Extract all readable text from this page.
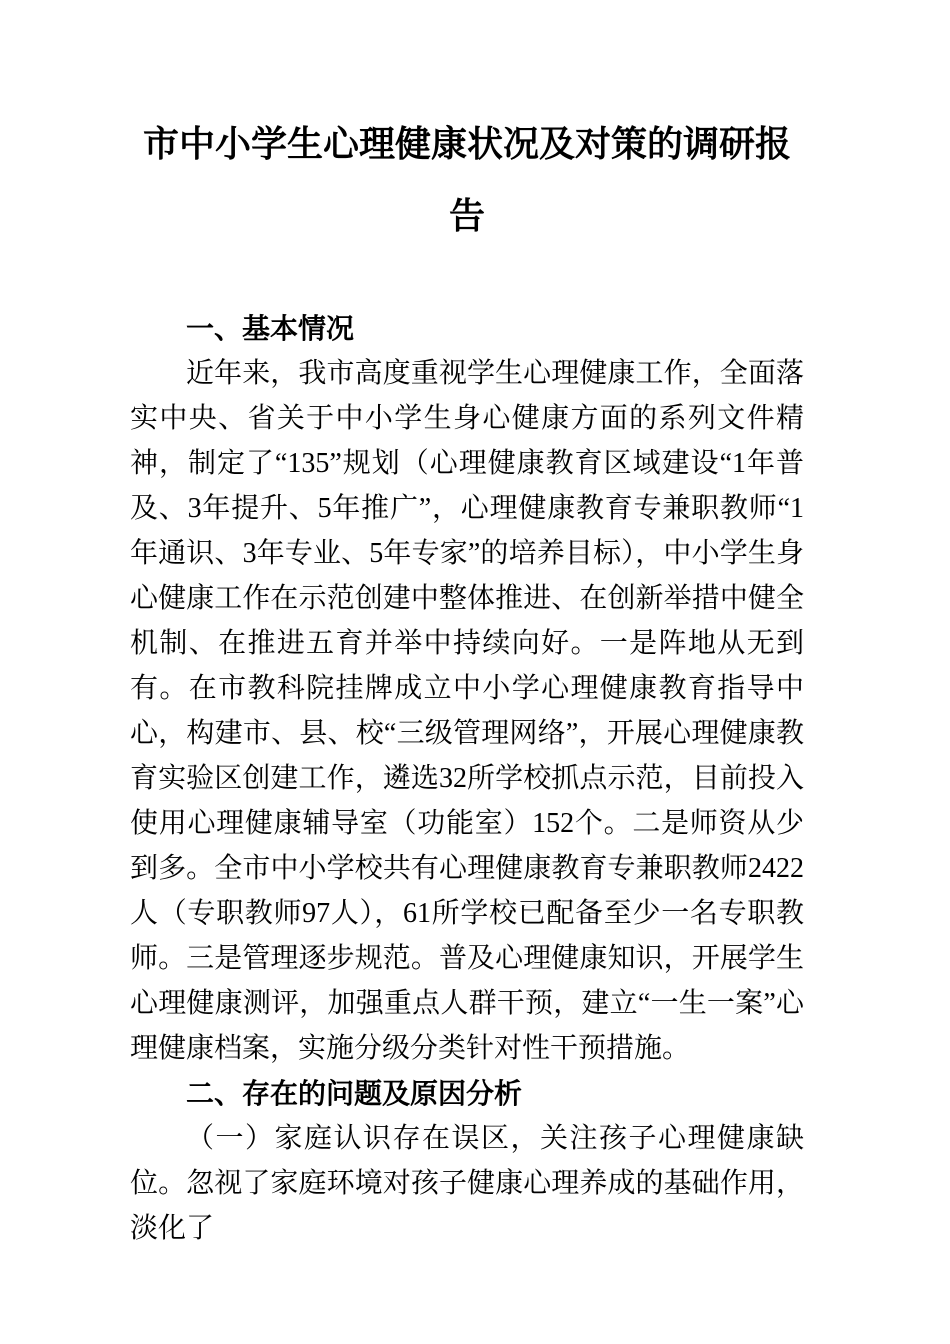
市中小学生心理健康状况及对策的调研报告
一、基本情况

近年来，我市高度重视学生心理健康工作，全面落实中央、省关于中小学生身心健康方面的系列文件精神，制定了“135”规划（心理健康教育区域建设“1年普及、3年提升、5年推广”，心理健康教育专兼职教师“1年通识、3年专业、5年专家”的培养目标），中小学生身心健康工作在示范创建中整体推进、在创新举措中健全机制、在推进五育并举中持续向好。一是阵地从无到有。在市教科院挂牌成立中小学心理健康教育指导中心，构建市、县、校“三级管理网络”，开展心理健康教育实验区创建工作，遴选32所学校抓点示范，目前投入使用心理健康辅导室（功能室）152个。二是师资从少到多。全市中小学校共有心理健康教育专兼职教师2422人（专职教师97人），61所学校已配备至少一名专职教师。三是管理逐步规范。普及心理健康知识，开展学生心理健康测评，加强重点人群干预，建立“一生一案”心理健康档案，实施分级分类针对性干预措施。

二、存在的问题及原因分析

（一）家庭认识存在误区，关注孩子心理健康缺位。忽视了家庭环境对孩子健康心理养成的基础作用，淡化了
